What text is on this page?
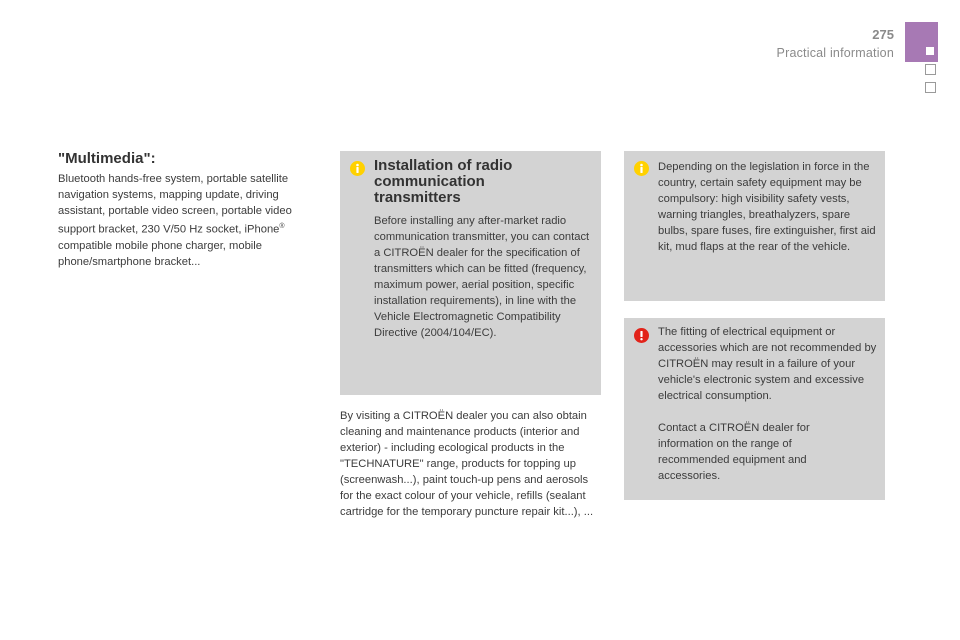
275
Practical information
"Multimedia":
Bluetooth hands-free system, portable satellite navigation systems, mapping update, driving assistant, portable video screen, portable video support bracket, 230 V/50 Hz socket, iPhone® compatible mobile phone charger, mobile phone/smartphone bracket...
Installation of radio communication transmitters
Before installing any after-market radio communication transmitter, you can contact a CITROËN dealer for the specification of transmitters which can be fitted (frequency, maximum power, aerial position, specific installation requirements), in line with the Vehicle Electromagnetic Compatibility Directive (2004/104/EC).
By visiting a CITROËN dealer you can also obtain cleaning and maintenance products (interior and exterior) - including ecological products in the "TECHNATURE" range, products for topping up (screenwash...), paint touch-up pens and aerosols for the exact colour of your vehicle, refills (sealant cartridge for the temporary puncture repair kit...), ...
Depending on the legislation in force in the country, certain safety equipment may be compulsory: high visibility safety vests, warning triangles, breathalyzers, spare bulbs, spare fuses, fire extinguisher, first aid kit, mud flaps at the rear of the vehicle.
The fitting of electrical equipment or accessories which are not recommended by CITROËN may result in a failure of your vehicle's electronic system and excessive electrical consumption.
Contact a CITROËN dealer for information on the range of recommended equipment and accessories.
